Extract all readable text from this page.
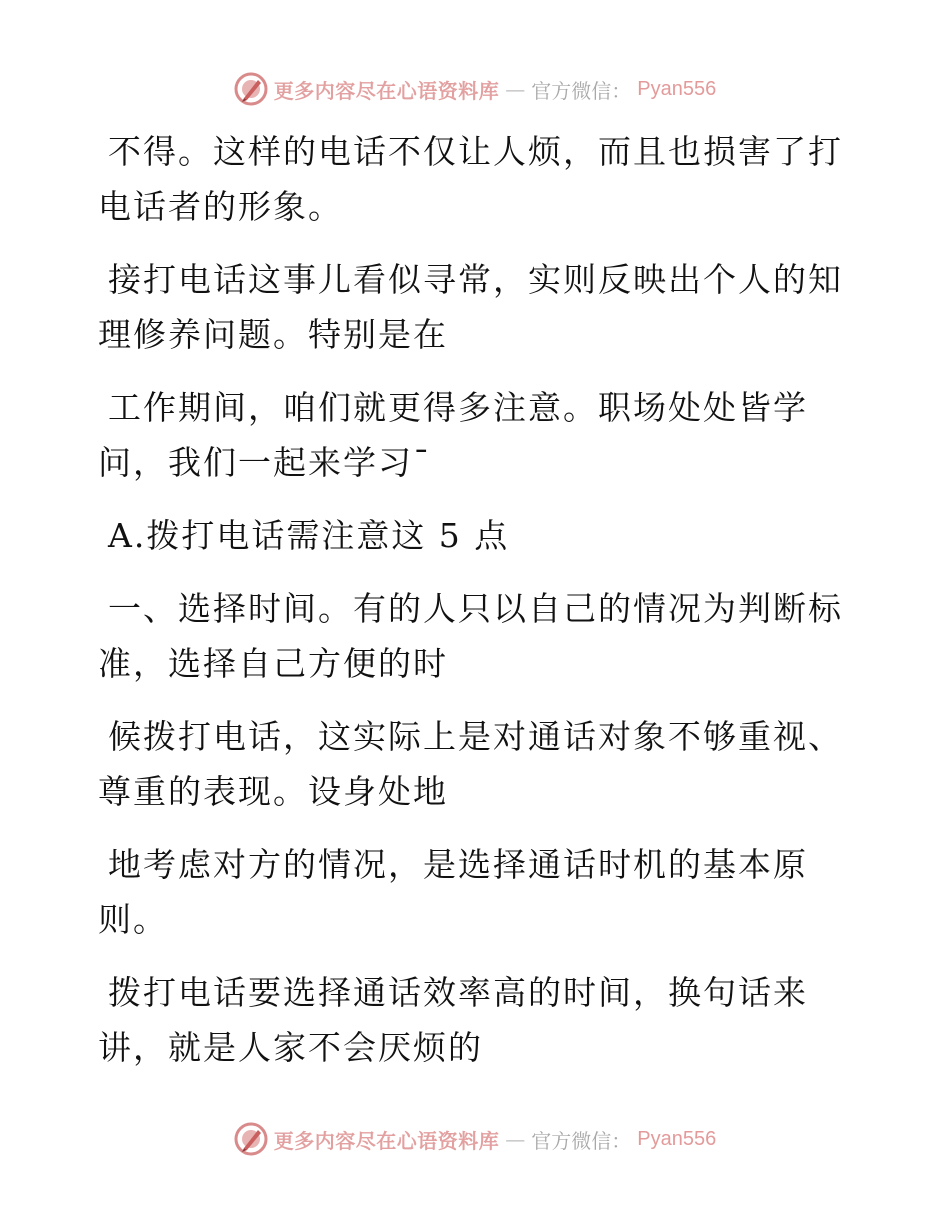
更多内容尽在心语资料库 — 官方微信： Pyan556

不得。这样的电话不仅让人烦，而且也损害了打
电话者的形象。

接打电话这事儿看似寻常，实则反映出个人的知
理修养问题。特别是在

工作期间，咱们就更得多注意。职场处处皆学
问，我们一起来学习¯

A.拨打电话需注意这 5 点

一、选择时间。有的人只以自己的情况为判断标
准，选择自己方便的时

候拨打电话，这实际上是对通话对象不够重视、
尊重的表现。设身处地

地考虑对方的情况，是选择通话时机的基本原
则。

拨打电话要选择通话效率高的时间，换句话来
讲，就是人家不会厌烦的

更多内容尽在心语资料库 — 官方微信： Pyan556
